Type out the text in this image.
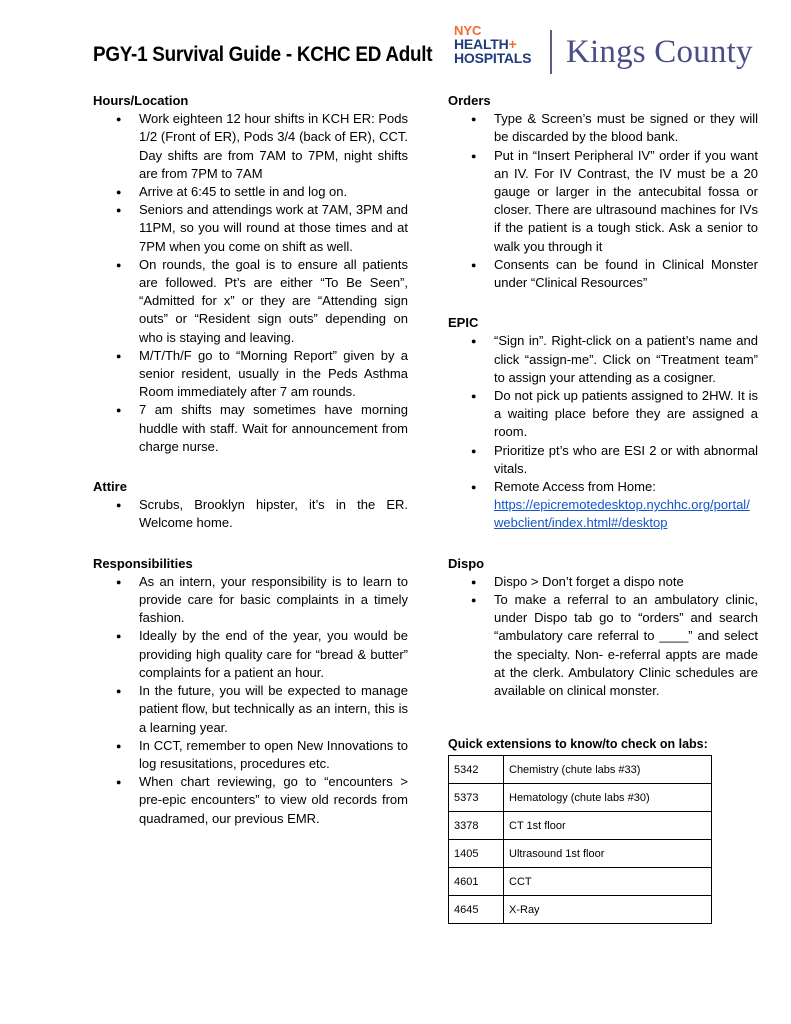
PGY-1 Survival Guide - KCHC ED Adult
NYC
HEALTH+
HOSPITALS Kings County
Hours/Location
● Work eighteen 12 hour shifts in KCH ER: Pods 1/2 (Front of ER), Pods 3/4 (back of ER), CCT. Day shifts are from 7AM to 7PM, night shifts are from 7PM to 7AM
● Arrive at 6:45 to settle in and log on.
● Seniors and attendings work at 7AM, 3PM and 11PM, so you will round at those times and at 7PM when you come on shift as well.
● On rounds, the goal is to ensure all patients are followed. Pt’s are either “To Be Seen”, “Admitted for x” or they are “Attending sign outs” or “Resident sign outs” depending on who is staying and leaving.
● M/T/Th/F go to “Morning Report” given by a senior resident, usually in the Peds Asthma Room immediately after 7 am rounds.
● 7 am shifts may sometimes have morning huddle with staff. Wait for announcement from charge nurse.
Attire
● Scrubs, Brooklyn hipster, it’s in the ER. Welcome home.
Responsibilities
● As an intern, your responsibility is to learn to provide care for basic complaints in a timely fashion.
● Ideally by the end of the year, you would be providing high quality care for “bread & butter” complaints for a patient an hour.
● In the future, you will be expected to manage patient flow, but technically as an intern, this is a learning year.
● In CCT, remember to open New Innovations to log resusitations, procedures etc.
● When chart reviewing, go to “encounters > pre-epic encounters” to view old records from quadramed, our previous EMR.
Orders
● Type & Screen’s must be signed or they will be discarded by the blood bank.
● Put in “Insert Peripheral IV” order if you want an IV. For IV Contrast, the IV must be a 20 gauge or larger in the antecubital fossa or closer. There are ultrasound machines for IVs if the patient is a tough stick. Ask a senior to walk you through it
● Consents can be found in Clinical Monster under “Clinical Resources”
EPIC
● “Sign in”. Right-click on a patient’s name and click “assign-me”. Click on “Treatment team” to assign your attending as a cosigner.
● Do not pick up patients assigned to 2HW. It is a waiting place before they are assigned a room.
● Prioritize pt’s who are ESI 2 or with abnormal vitals.
● Remote Access from Home:
https://epicremotedesktop.nychhc.org/portal/webclient/index.html#/desktop
Dispo
● Dispo > Don’t forget a dispo note
● To make a referral to an ambulatory clinic, under Dispo tab go to “orders” and search “ambulatory care referral to ____” and select the specialty. Non- e-referral appts are made at the clerk. Ambulatory Clinic schedules are available on clinical monster.
Quick extensions to know/to check on labs:
5342	Chemistry (chute labs #33)
5373	Hematology (chute labs #30)
3378	CT 1st floor
1405	Ultrasound 1st floor
4601	CCT
4645	X-Ray
